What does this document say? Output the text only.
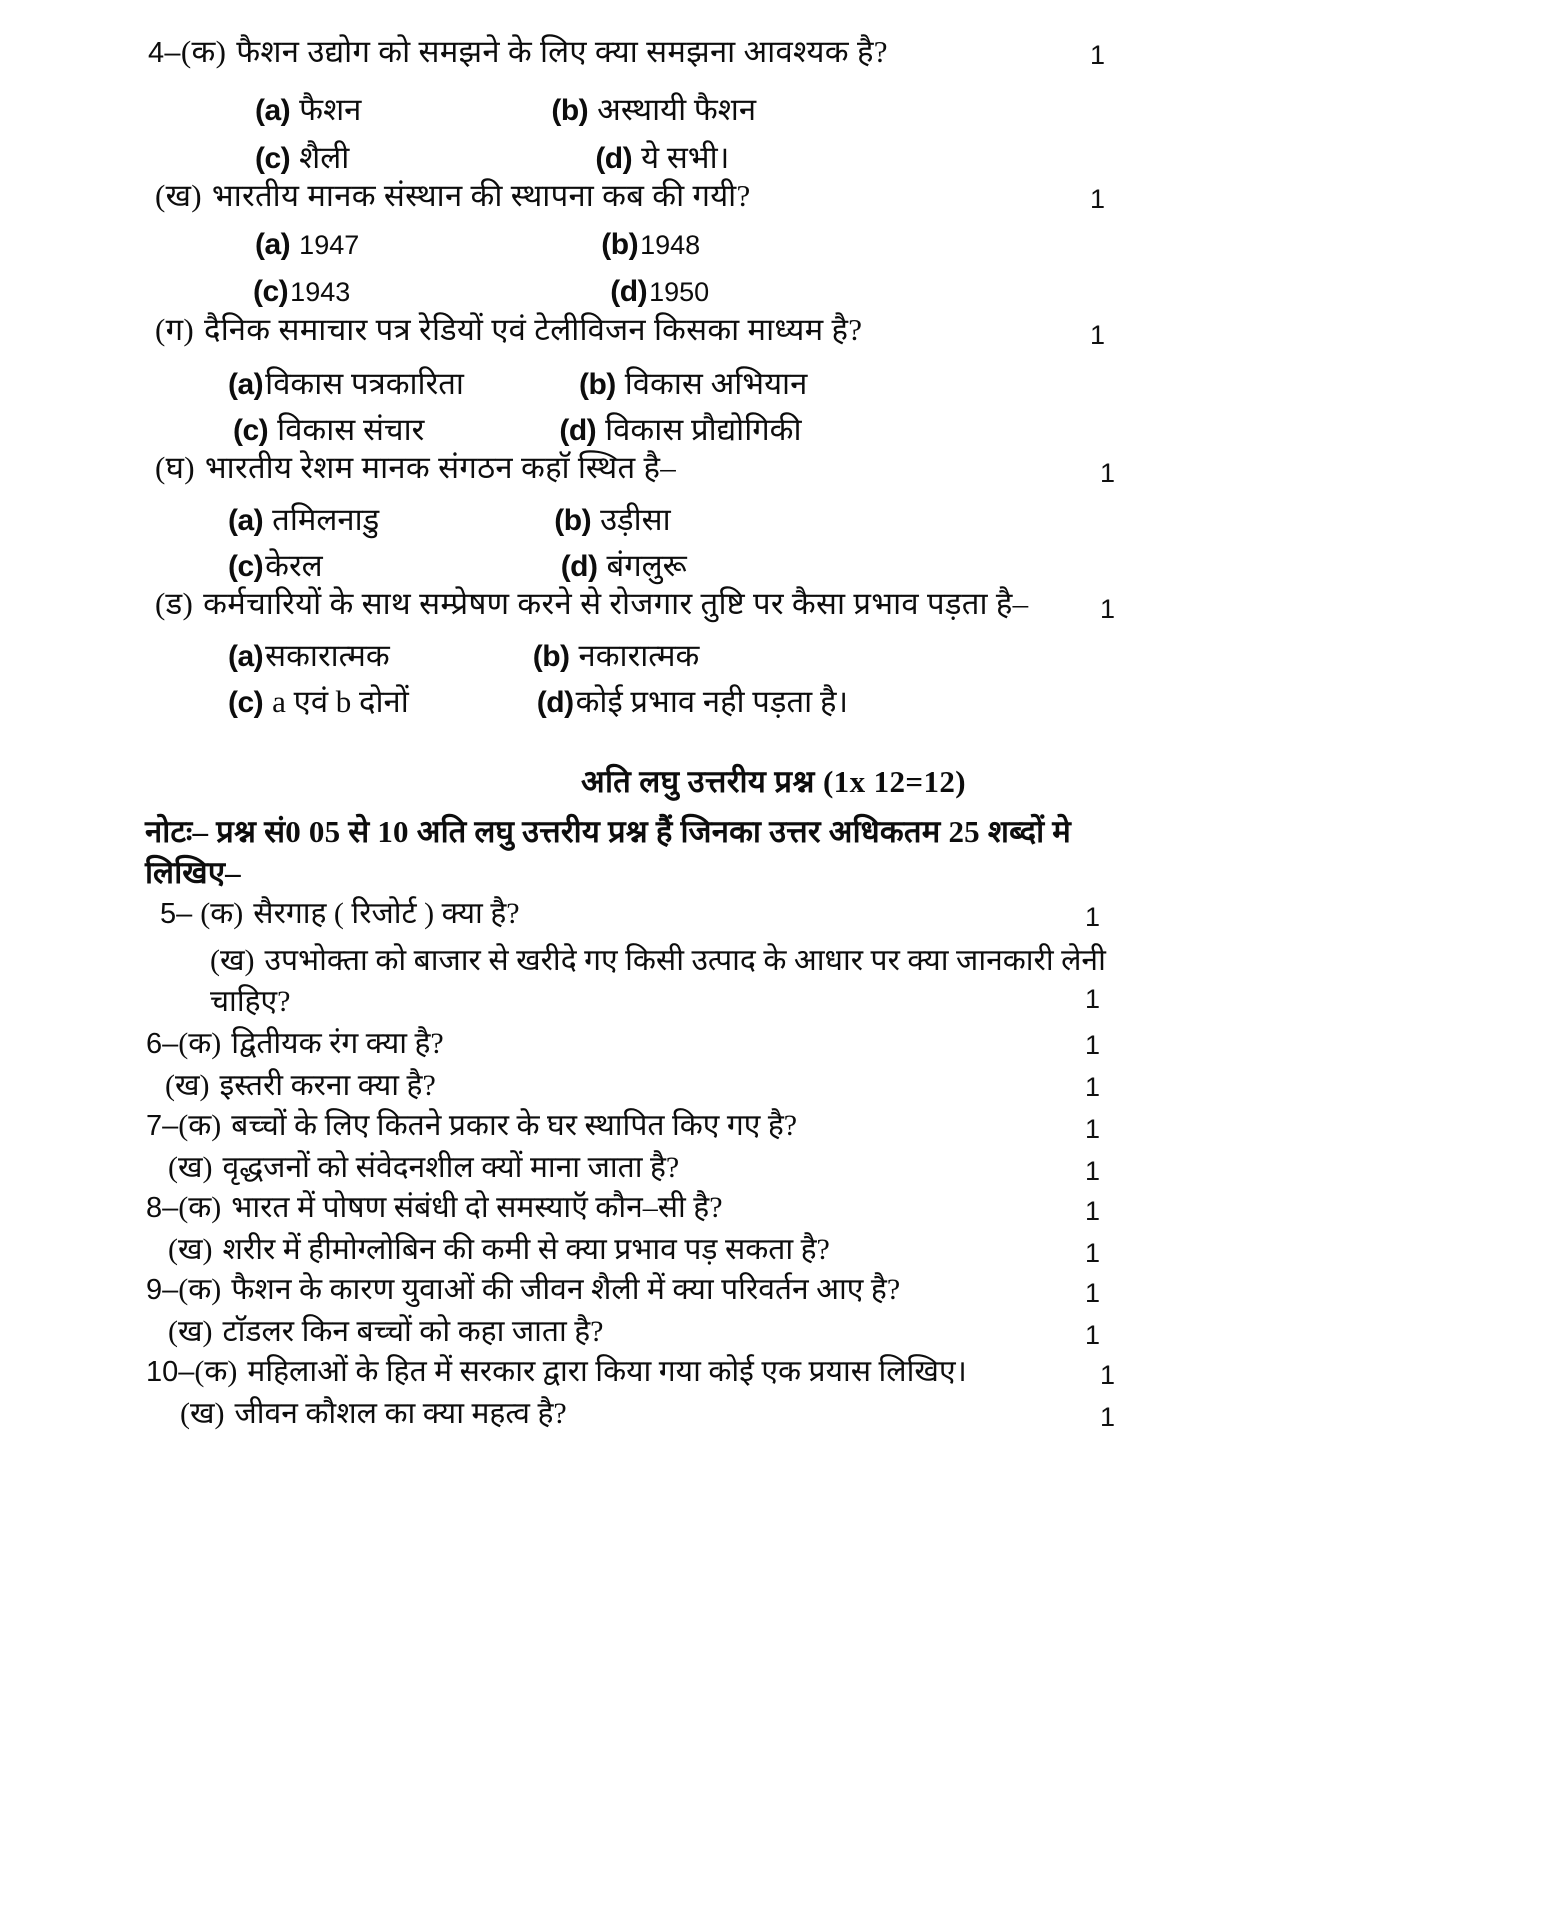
4– (क) फैशन उद्योग को समझने के लिए क्या समझना आवश्यक है?	1
(a) फैशन	(b) अस्थायी फैशन
(c) शैली	(d) ये सभी।
(ख) भारतीय मानक संस्थान की स्थापना कब की गयी?	1
(a) 1947	(b) 1948
(c) 1943	(d) 1950
(ग) दैनिक समाचार पत्र रेडियों एवं टेलीविजन किसका माध्यम है?	1
(a) विकास पत्रकारिता	(b) विकास अभियान
(c) विकास संचार	(d) विकास प्रौद्योगिकी
(घ) भारतीय रेशम मानक संगठन कहाॅ स्थित है–	1
(a) तमिलनाडु	(b) उड़ीसा
(c) केरल	(d) बंगलुरू
(ड) कर्मचारियों के साथ सम्प्रेषण करने से रोजगार तुष्टि पर कैसा प्रभाव पड़ता है–	1
(a) सकारात्मक	(b) नकारात्मक
(c) a एवं b दोनों	(d) कोई प्रभाव नही पड़ता है।
अति लघु उत्तरीय प्रश्न (1x 12=12)
नोटः– प्रश्न सं0 05 से 10 अति लघु उत्तरीय प्रश्न हैं जिनका उत्तर अधिकतम 25 शब्दों मे लिखिए–
5– (क) सैरगाह ( रिजोर्ट ) क्या है?	1
(ख) उपभोक्ता को बाजार से खरीदे गए किसी उत्पाद के आधार पर क्या जानकारी लेनी चाहिए?	1
6–(क) द्वितीयक रंग क्या है?	1
(ख) इस्तरी करना क्या है?	1
7–(क) बच्चों के लिए कितने प्रकार के घर स्थापित किए गए है?	1
(ख) वृद्धजनों को संवेदनशील क्यों माना जाता है?	1
8–(क) भारत में पोषण संबंधी दो समस्याऍ कौन–सी है?	1
(ख) शरीर में हीमोग्लोबिन की कमी से क्या प्रभाव पड़ सकता है?	1
9–(क) फैशन के कारण युवाओं की जीवन शैली में क्या परिवर्तन आए है?	1
(ख) टाॅडलर किन बच्चों को कहा जाता है?	1
10–(क) महिलाओं के हित में सरकार द्वारा किया गया कोई एक प्रयास लिखिए।	1
(ख) जीवन कौशल का क्या महत्व है?	1
